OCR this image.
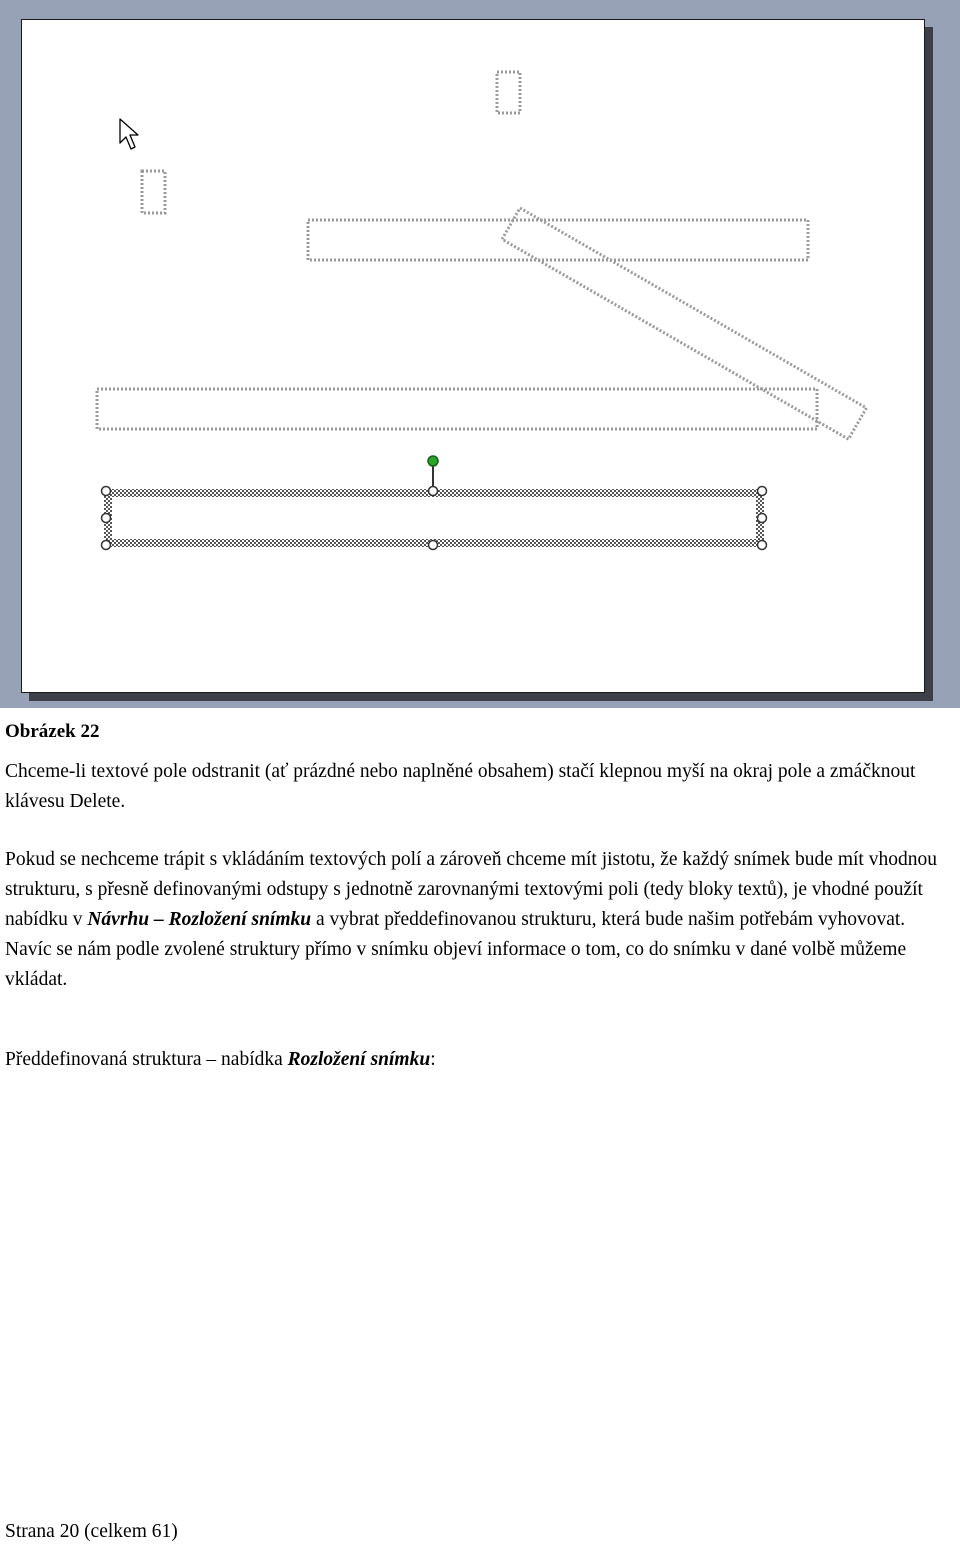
Obrázek 22

Chceme-li textové pole odstranit (ať prázdné nebo naplněné obsahem) stačí klepnou myší na okraj pole a zmáčknout klávesu Delete.

Pokud se nechceme trápit s vkládáním textových polí a zároveň chceme mít jistotu, že každý snímek bude mít vhodnou strukturu, s přesně definovanými odstupy s jednotně zarovnanými textovými poli (tedy bloky textů), je vhodné použít nabídku v Návrhu – Rozložení snímku a vybrat předdefinovanou strukturu, která bude našim potřebám vyhovovat. Navíc se nám podle zvolené struktury přímo v snímku objeví informace o tom, co do snímku v dané volbě můžeme vkládat.

Předdefinovaná struktura – nabídka Rozložení snímku:

Strana 20 (celkem 61)
